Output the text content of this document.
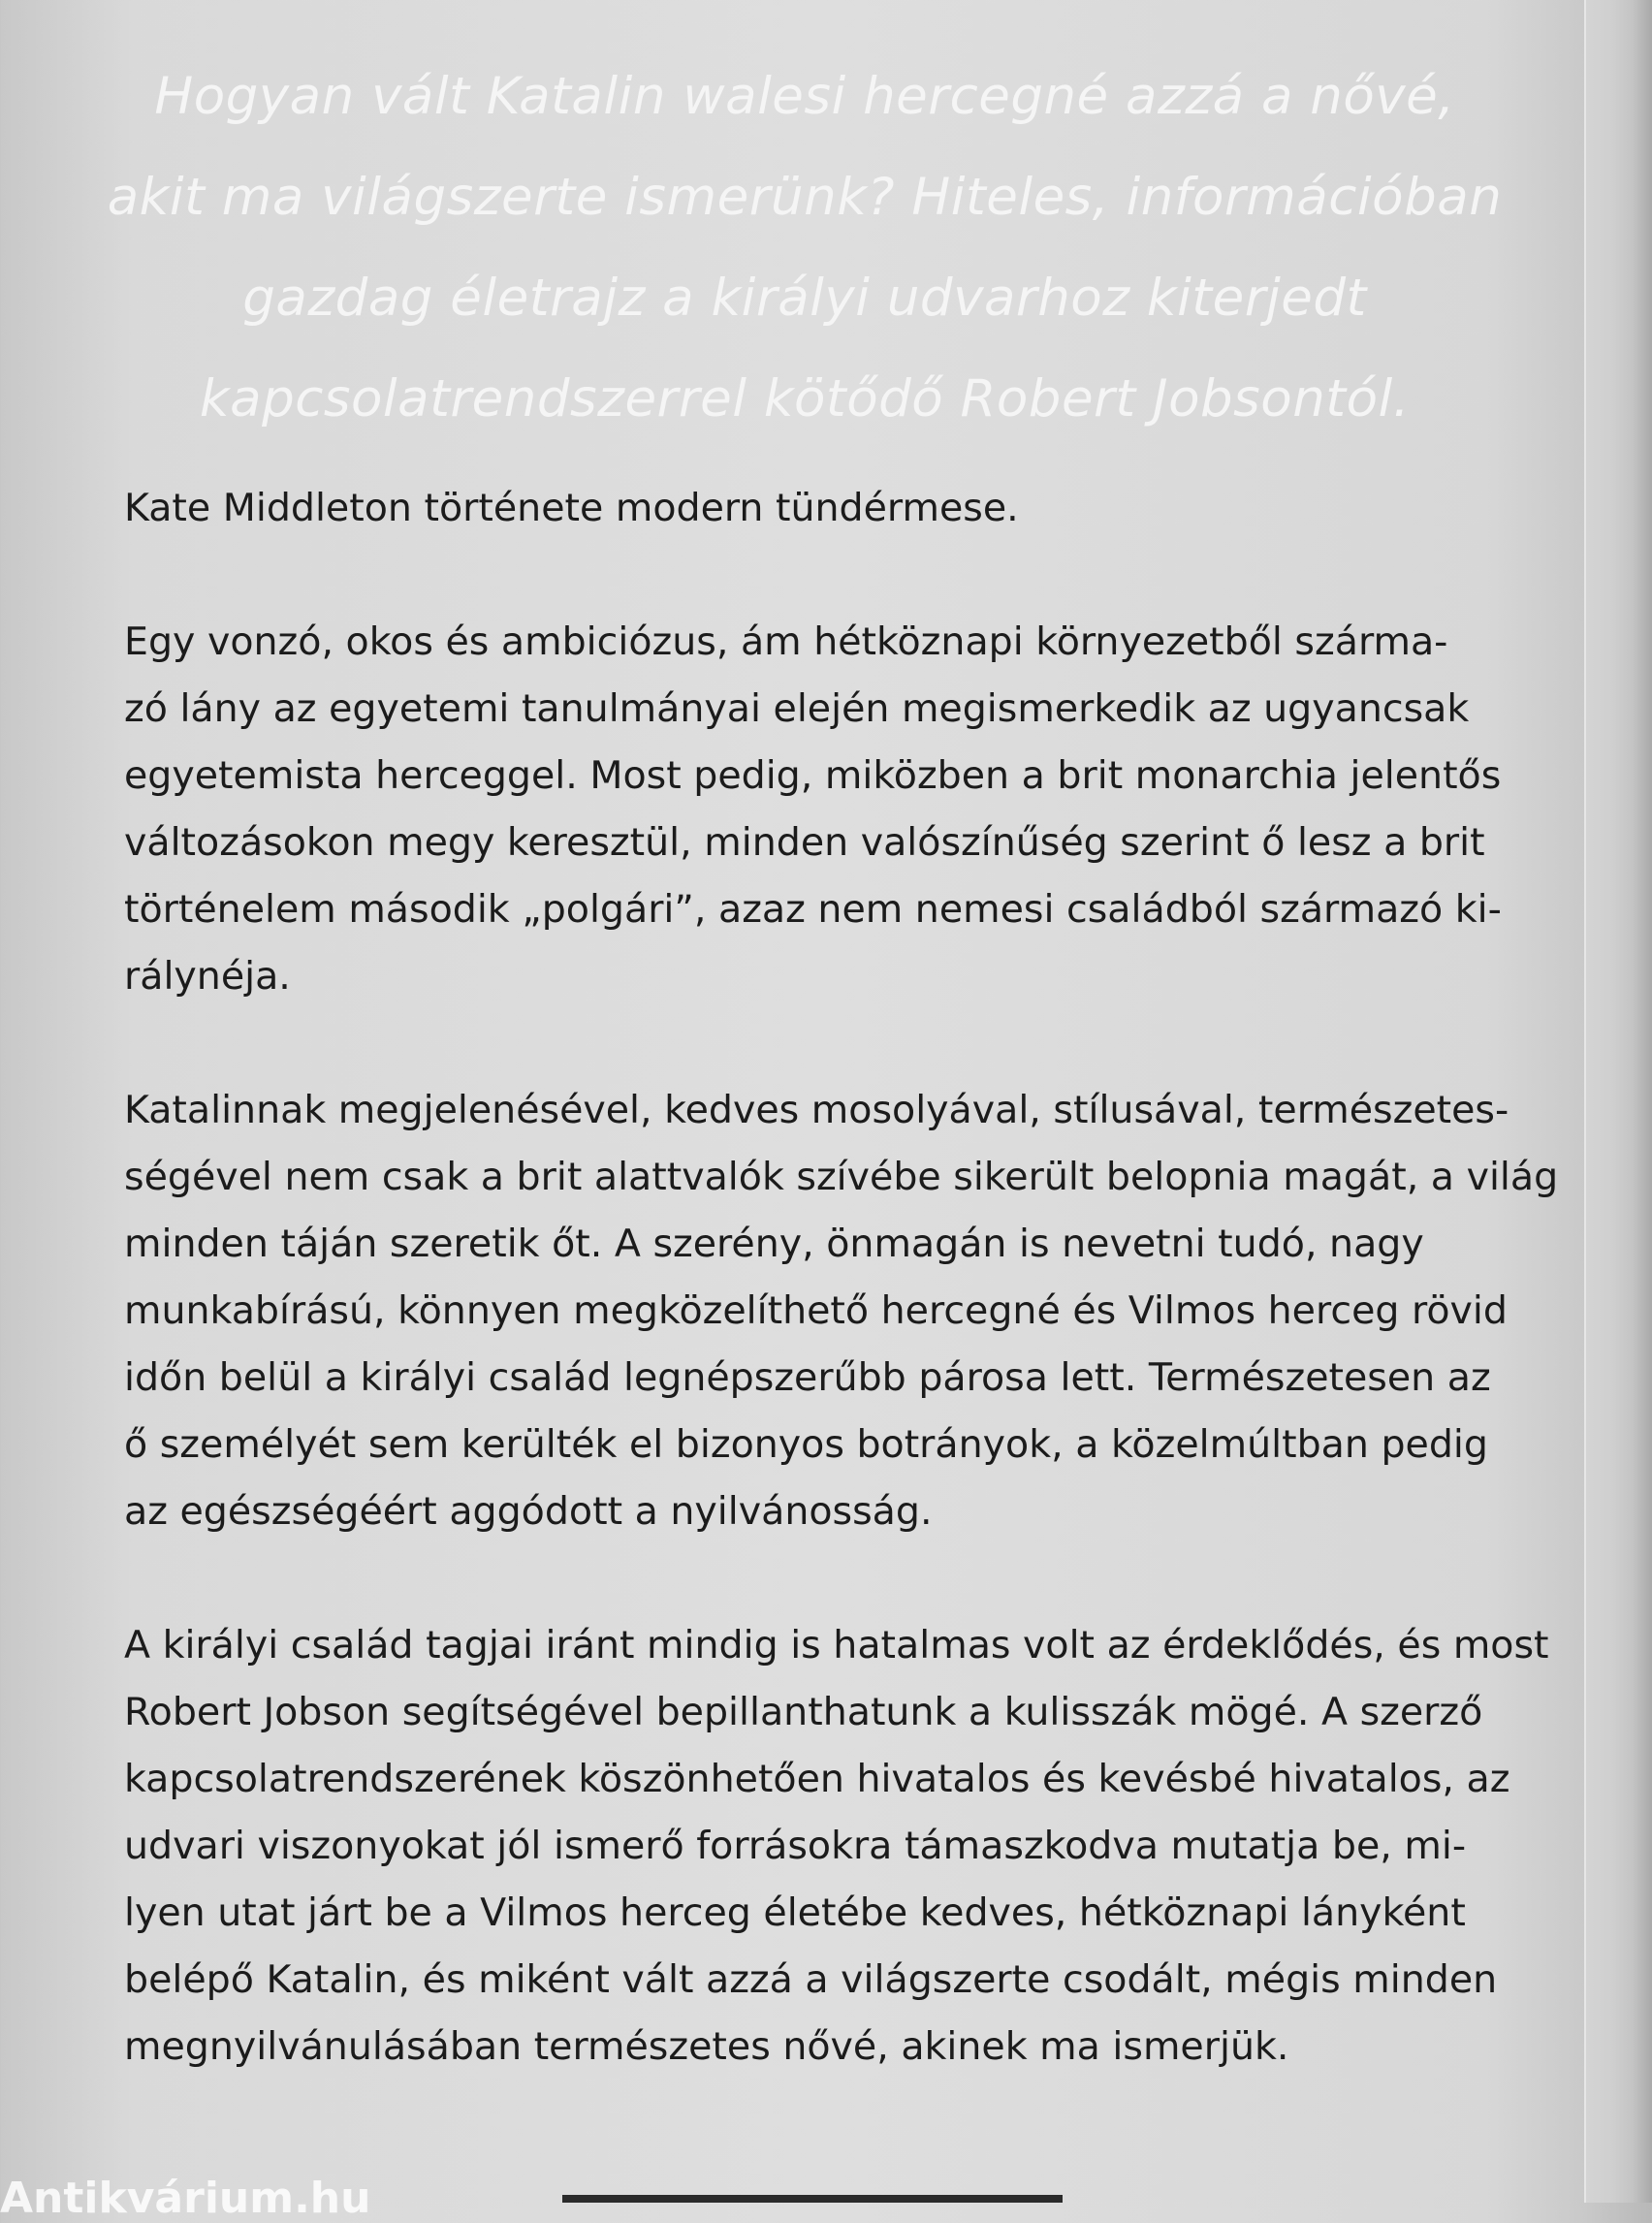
Hogyan vált Katalin walesi hercegné azzá a nővé,
akit ma világszerte ismerünk? Hiteles, információban
gazdag életrajz a királyi udvarhoz kiterjedt
kapcsolatrendszerrel kötődő Robert Jobsontól.

Kate Middleton története modern tündérmese.

Egy vonzó, okos és ambiciózus, ám hétköznapi környezetből szárma-
zó lány az egyetemi tanulmányai elején megismerkedik az ugyancsak
egyetemista herceggel. Most pedig, miközben a brit monarchia jelentős
változásokon megy keresztül, minden valószínűség szerint ő lesz a brit
történelem második „polgári”, azaz nem nemesi családból származó ki-
rálynéja.

Katalinnak megjelenésével, kedves mosolyával, stílusával, természetes-
ségével nem csak a brit alattvalók szívébe sikerült belopnia magát, a világ
minden táján szeretik őt. A szerény, önmagán is nevetni tudó, nagy
munkabírású, könnyen megközelíthető hercegné és Vilmos herceg rövid
időn belül a királyi család legnépszerűbb párosa lett. Természetesen az
ő személyét sem kerülték el bizonyos botrányok, a közelmúltban pedig
az egészségéért aggódott a nyilvánosság.

A királyi család tagjai iránt mindig is hatalmas volt az érdeklődés, és most
Robert Jobson segítségével bepillanthatunk a kulisszák mögé. A szerző
kapcsolatrendszerének köszönhetően hivatalos és kevésbé hivatalos, az
udvari viszonyokat jól ismerő forrásokra támaszkodva mutatja be, mi-
lyen utat járt be a Vilmos herceg életébe kedves, hétköznapi lányként
belépő Katalin, és miként vált azzá a világszerte csodált, mégis minden
megnyilvánulásában természetes nővé, akinek ma ismerjük.

Antikvárium.hu
